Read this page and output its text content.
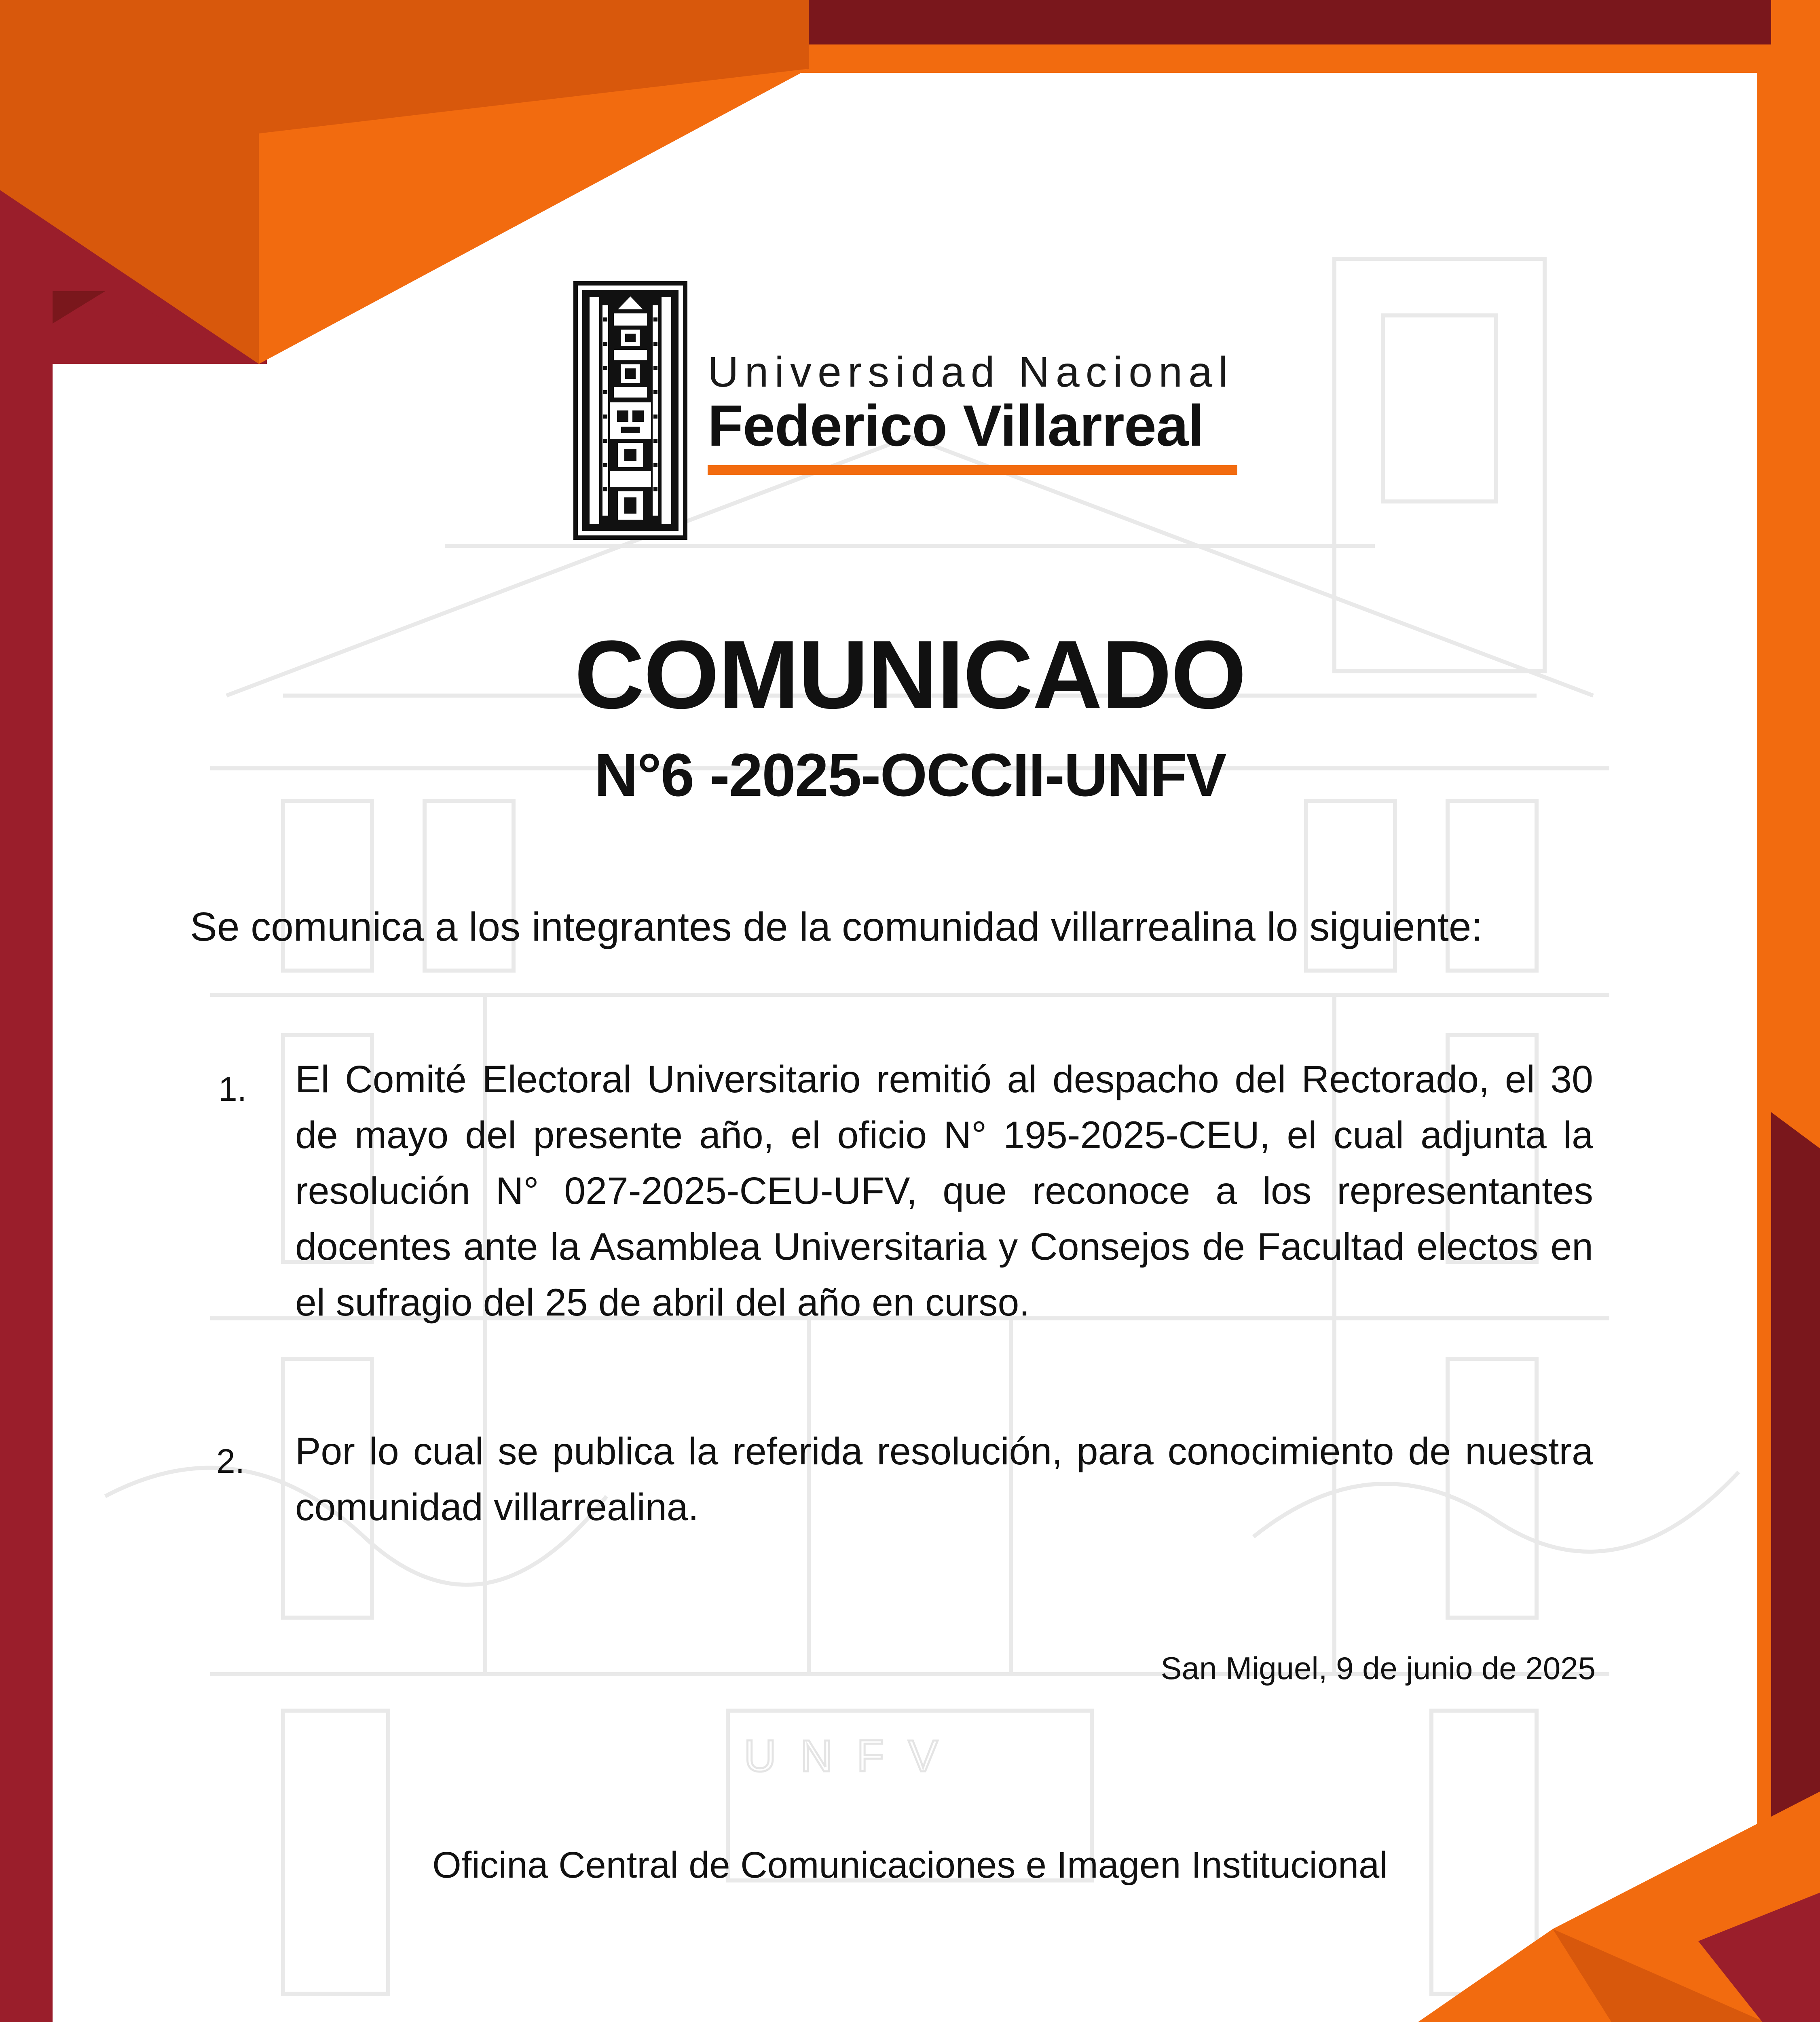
UNFV
Universidad Nacional
Federico Villarreal
COMUNICADO
N°6 -2025-OCCII-UNFV
Se comunica a los integrantes de la comunidad villarrealina lo siguiente:
1. El Comité Electoral Universitario remitió al despacho del Rectorado, el 30 de mayo del presente año, el oficio N° 195-2025-CEU, el cual adjunta la resolución N° 027-2025-CEU-UFV, que reconoce a los representantes docentes ante la Asamblea Universitaria y Consejos de Facultad electos en el sufragio del 25 de abril del año en curso.

2. Por lo cual se publica la referida resolución, para conocimiento de nuestra comunidad villarrealina.

San Miguel, 9 de junio de 2025
Oficina Central de Comunicaciones e Imagen Institucional
